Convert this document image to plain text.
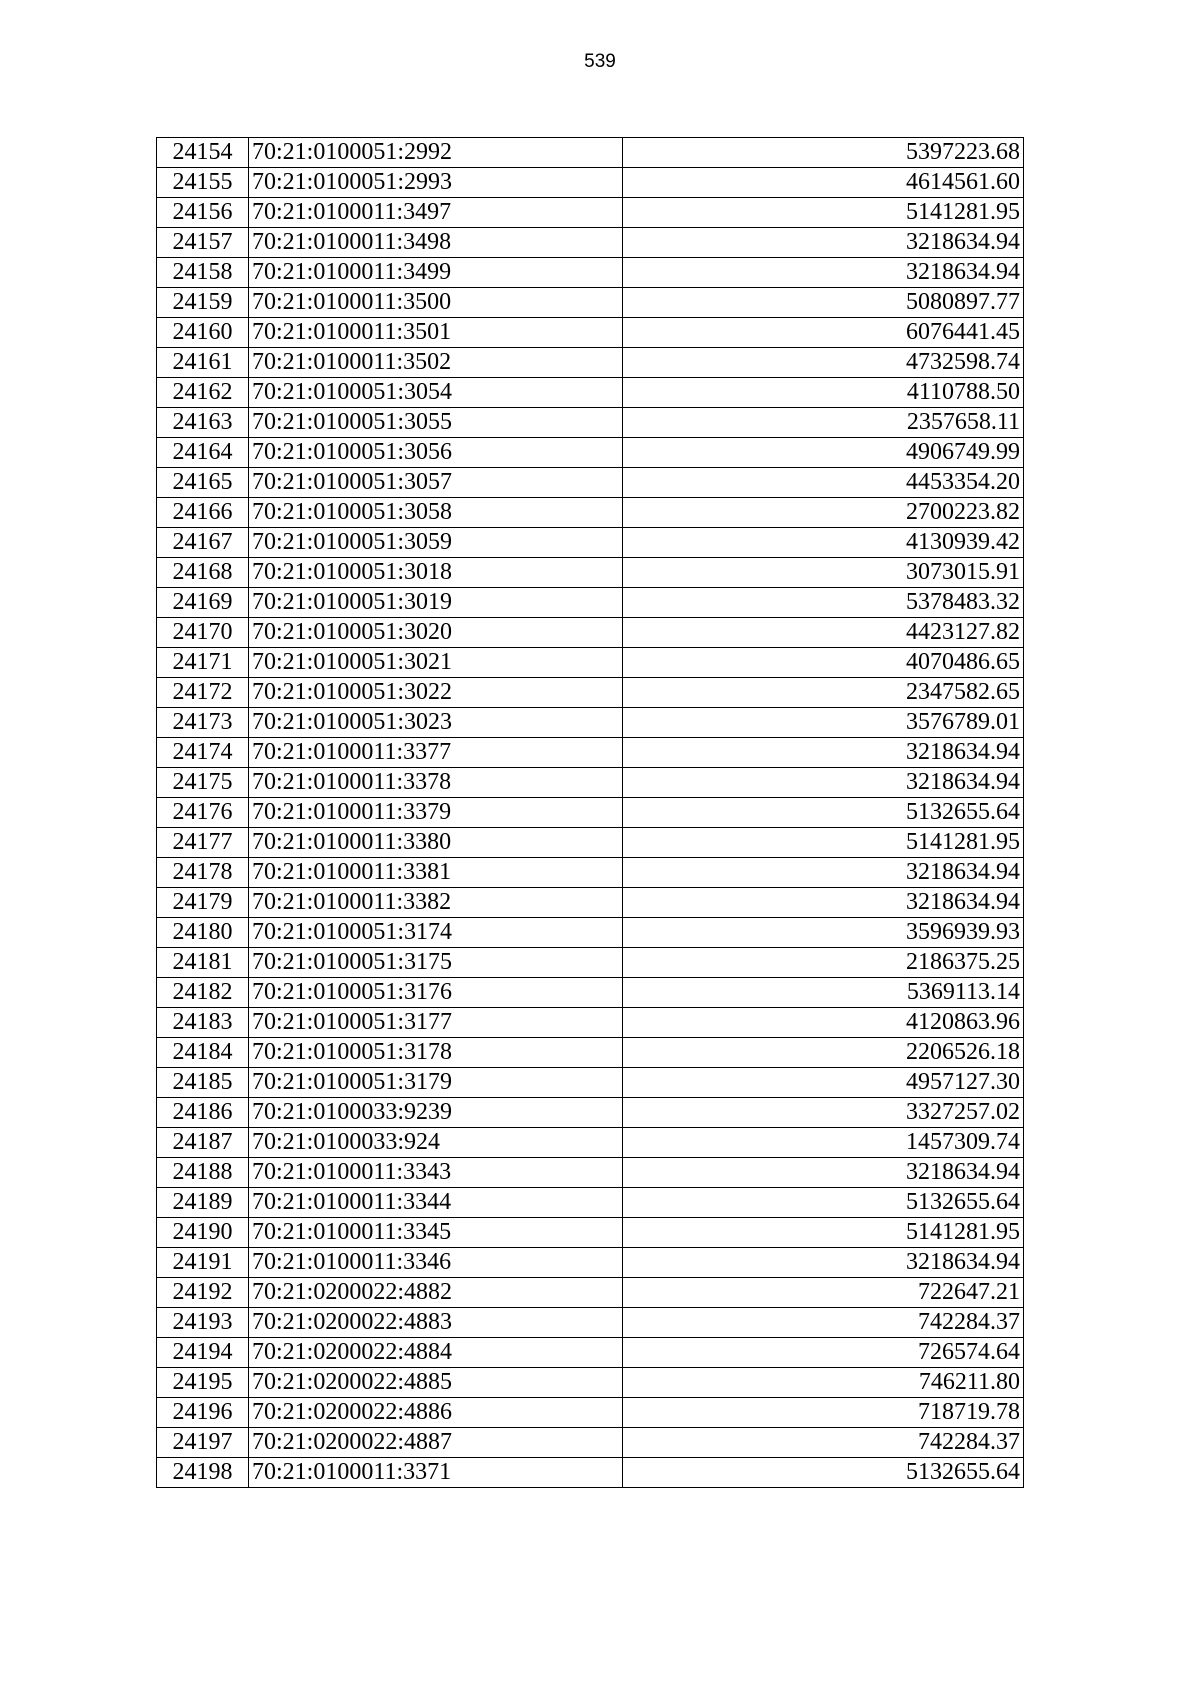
539
24154	70:21:0100051:2992	5397223.68
24155	70:21:0100051:2993	4614561.60
24156	70:21:0100011:3497	5141281.95
24157	70:21:0100011:3498	3218634.94
24158	70:21:0100011:3499	3218634.94
24159	70:21:0100011:3500	5080897.77
24160	70:21:0100011:3501	6076441.45
24161	70:21:0100011:3502	4732598.74
24162	70:21:0100051:3054	4110788.50
24163	70:21:0100051:3055	2357658.11
24164	70:21:0100051:3056	4906749.99
24165	70:21:0100051:3057	4453354.20
24166	70:21:0100051:3058	2700223.82
24167	70:21:0100051:3059	4130939.42
24168	70:21:0100051:3018	3073015.91
24169	70:21:0100051:3019	5378483.32
24170	70:21:0100051:3020	4423127.82
24171	70:21:0100051:3021	4070486.65
24172	70:21:0100051:3022	2347582.65
24173	70:21:0100051:3023	3576789.01
24174	70:21:0100011:3377	3218634.94
24175	70:21:0100011:3378	3218634.94
24176	70:21:0100011:3379	5132655.64
24177	70:21:0100011:3380	5141281.95
24178	70:21:0100011:3381	3218634.94
24179	70:21:0100011:3382	3218634.94
24180	70:21:0100051:3174	3596939.93
24181	70:21:0100051:3175	2186375.25
24182	70:21:0100051:3176	5369113.14
24183	70:21:0100051:3177	4120863.96
24184	70:21:0100051:3178	2206526.18
24185	70:21:0100051:3179	4957127.30
24186	70:21:0100033:9239	3327257.02
24187	70:21:0100033:924	1457309.74
24188	70:21:0100011:3343	3218634.94
24189	70:21:0100011:3344	5132655.64
24190	70:21:0100011:3345	5141281.95
24191	70:21:0100011:3346	3218634.94
24192	70:21:0200022:4882	722647.21
24193	70:21:0200022:4883	742284.37
24194	70:21:0200022:4884	726574.64
24195	70:21:0200022:4885	746211.80
24196	70:21:0200022:4886	718719.78
24197	70:21:0200022:4887	742284.37
24198	70:21:0100011:3371	5132655.64
